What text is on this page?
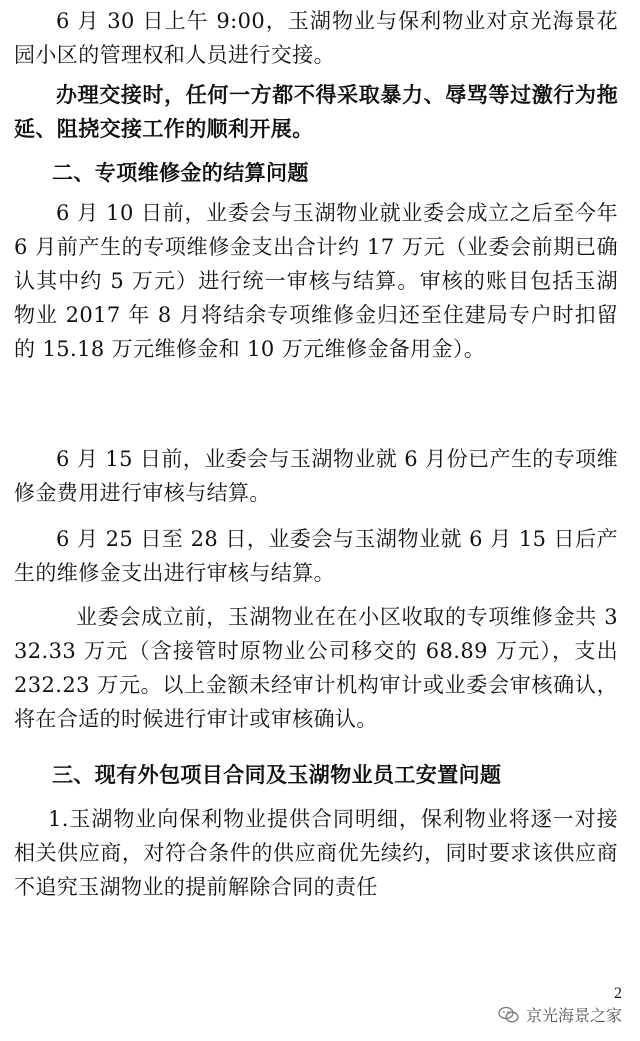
6 月 30 日上午 9:00，玉湖物业与保利物业对京光海景花园小区的管理权和人员进行交接。

办理交接时，任何一方都不得采取暴力、辱骂等过激行为拖延、阻挠交接工作的顺利开展。

二、专项维修金的结算问题

6 月 10 日前，业委会与玉湖物业就业委会成立之后至今年 6 月前产生的专项维修金支出合计约 17 万元（业委会前期已确认其中约 5 万元）进行统一审核与结算。审核的账目包括玉湖物业 2017 年 8 月将结余专项维修金归还至住建局专户时扣留的 15.18 万元维修金和 10 万元维修金备用金）。

6 月 15 日前，业委会与玉湖物业就 6 月份已产生的专项维修金费用进行审核与结算。

6 月 25 日至 28 日，业委会与玉湖物业就 6 月 15 日后产生的维修金支出进行审核与结算。

业委会成立前，玉湖物业在在小区收取的专项维修金共 332.33 万元（含接管时原物业公司移交的 68.89 万元），支出 232.23 万元。以上金额未经审计机构审计或业委会审核确认，将在合适的时候进行审计或审核确认。

三、现有外包项目合同及玉湖物业员工安置问题

1.玉湖物业向保利物业提供合同明细，保利物业将逐一对接相关供应商，对符合条件的供应商优先续约，同时要求该供应商不追究玉湖物业的提前解除合同的责任

2
京光海景之家
